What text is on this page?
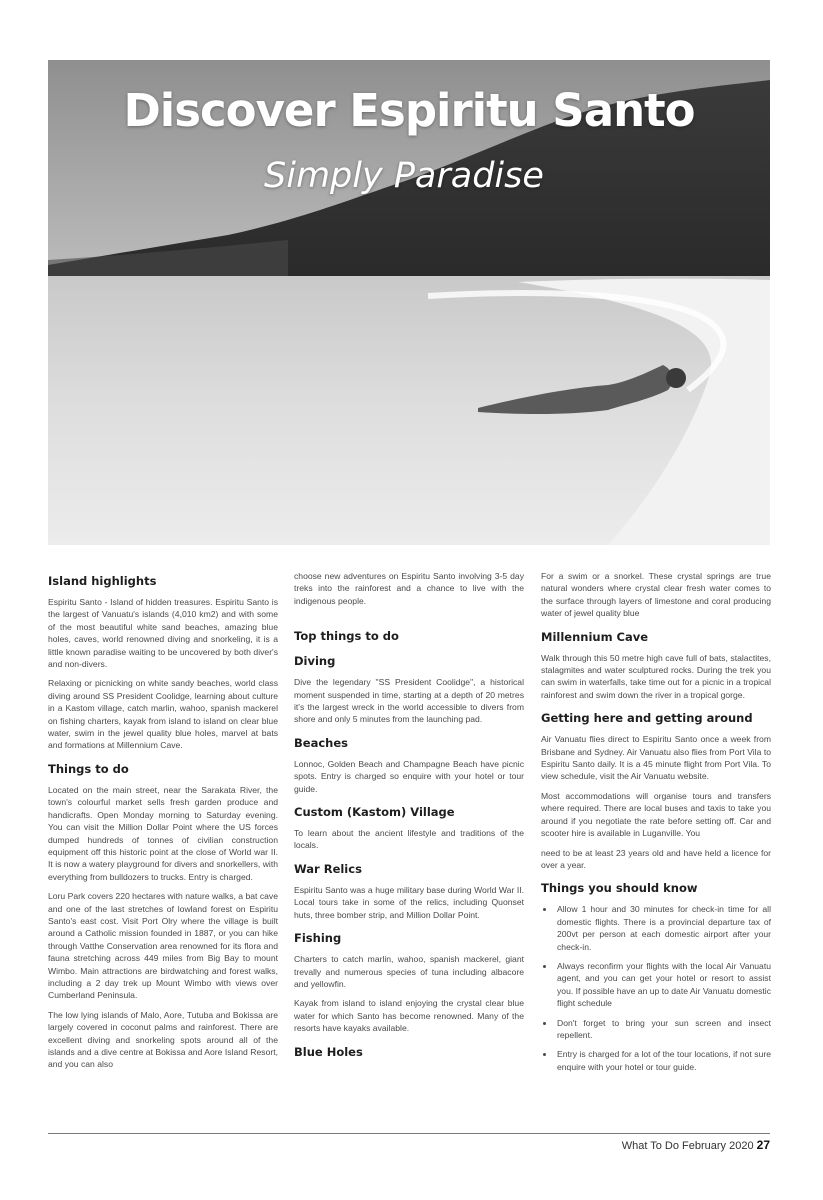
Discover Espiritu Santo
Simply Paradise
Island highlights

Espiritu Santo - Island of hidden treasures. Espiritu Santo is the largest of Vanuatu's islands (4,010 km2) and with some of the most beautiful white sand beaches, amazing blue holes, caves, world renowned diving and snorkeling, it is a little known paradise waiting to be uncovered by both diver's and non-divers.

Relaxing or picnicking on white sandy beaches, world class diving around SS President Coolidge, learning about culture in a Kastom village, catch marlin, wahoo, spanish mackerel on fishing charters, kayak from island to island on clear blue water, swim in the jewel quality blue holes, marvel at bats and formations at Millennium Cave.

Things to do

Located on the main street, near the Sarakata River, the town's colourful market sells fresh garden produce and handicrafts. Open Monday morning to Saturday evening. You can visit the Million Dollar Point where the US forces dumped hundreds of tonnes of civilian construction equipment off this historic point at the close of World war II. It is now a watery playground for divers and snorkellers, with everything from bulldozers to trucks. Entry is charged.

Loru Park covers 220 hectares with nature walks, a bat cave and one of the last stretches of lowland forest on Espiritu Santo's east cost. Visit Port Olry where the village is built around a Catholic mission founded in 1887, or you can hike through Vatthe Conservation area renowned for its flora and fauna stretching across 449 miles from Big Bay to mount Wimbo. Main attractions are birdwatching and forest walks, including a 2 day trek up Mount Wimbo with views over Cumberland Peninsula.

The low lying islands of Malo, Aore, Tutuba and Bokissa are largely covered in coconut palms and rainforest. There are excellent diving and snorkeling spots around all of the islands and a dive centre at Bokissa and Aore Island Resort, and you can also

choose new adventures on Espiritu Santo involving 3-5 day treks into the rainforest and a chance to live with the indigenous people.

Top things to do
Diving

Dive the legendary "SS President Coolidge", a historical moment suspended in time, starting at a depth of 20 metres it's the largest wreck in the world accessible to divers from shore and only 5 minutes from the launching pad.

Beaches

Lonnoc, Golden Beach and Champagne Beach have picnic spots. Entry is charged so enquire with your hotel or tour guide.

Custom (Kastom) Village

To learn about the ancient lifestyle and traditions of the locals.

War Relics

Espiritu Santo was a huge military base during World War II. Local tours take in some of the relics, including Quonset huts, three bomber strip, and Million Dollar Point.

Fishing

Charters to catch marlin, wahoo, spanish mackerel, giant trevally and numerous species of tuna including albacore and yellowfin.

Kayak from island to island enjoying the crystal clear blue water for which Santo has become renowned. Many of the resorts have kayaks available.

Blue Holes

For a swim or a snorkel. These crystal springs are true natural wonders where crystal clear fresh water comes to the surface through layers of limestone and coral producing water of jewel quality blue

Millennium Cave

Walk through this 50 metre high cave full of bats, stalactites, stalagmites and water sculptured rocks. During the trek you can swim in waterfalls, take time out for a picnic in a tropical rainforest and swim down the river in a tropical gorge.

Getting here and getting around

Air Vanuatu flies direct to Espiritu Santo once a week from Brisbane and Sydney. Air Vanuatu also flies from Port Vila to Espiritu Santo daily. It is a 45 minute flight from Port Vila. To view schedule, visit the Air Vanuatu website.

Most accommodations will organise tours and transfers where required. There are local buses and taxis to take you around if you negotiate the rate before setting off. Car and scooter hire is available in Luganville. You

need to be at least 23 years old and have held a licence for over a year.

Things you should know
• Allow 1 hour and 30 minutes for check-in time for all domestic flights. There is a provincial departure tax of 200vt per person at each domestic airport after your check-in.
• Always reconfirm your flights with the local Air Vanuatu agent, and you can get your hotel or resort to assist you. If possible have an up to date Air Vanuatu domestic flight schedule
• Don't forget to bring your sun screen and insect repellent.
• Entry is charged for a lot of the tour locations, if not sure enquire with your hotel or tour guide.
What To Do February 2020 27
